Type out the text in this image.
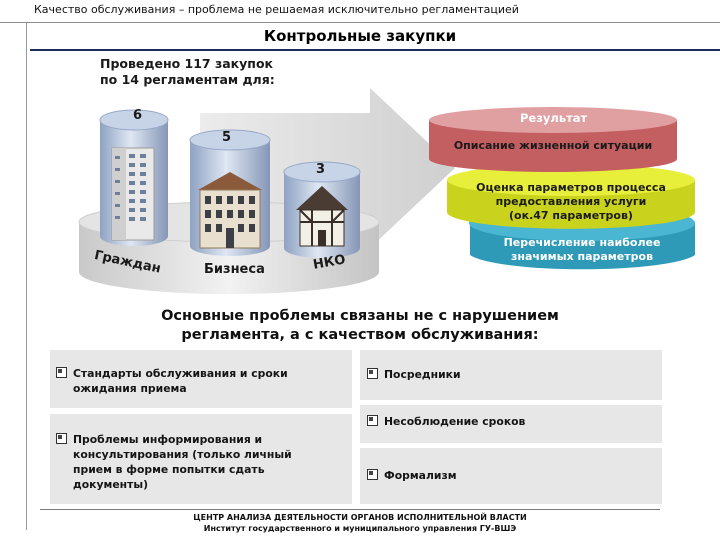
Качество обслуживания – проблема не решаемая исключительно регламентацией
Контрольные закупки
Проведено 117 закупок
по 14 регламентам для:
6
5
3
Граждан	Бизнеса	НКО
Результат
Описание жизненной ситуации
Оценка параметров процесса
предоставления услуги
(ок.47 параметров)
Перечисление наиболее
значимых параметров
Основные проблемы связаны не с нарушением
регламента, а с качеством обслуживания:
Стандарты обслуживания и сроки
ожидания приема
Посредники
Несоблюдение сроков
Проблемы информирования и
консультирования (только личный
прием в форме попытки сдать
документы)
Формализм
ЦЕНТР АНАЛИЗА ДЕЯТЕЛЬНОСТИ ОРГАНОВ ИСПОЛНИТЕЛЬНОЙ ВЛАСТИ
Институт государственного и муниципального управления ГУ-ВШЭ
